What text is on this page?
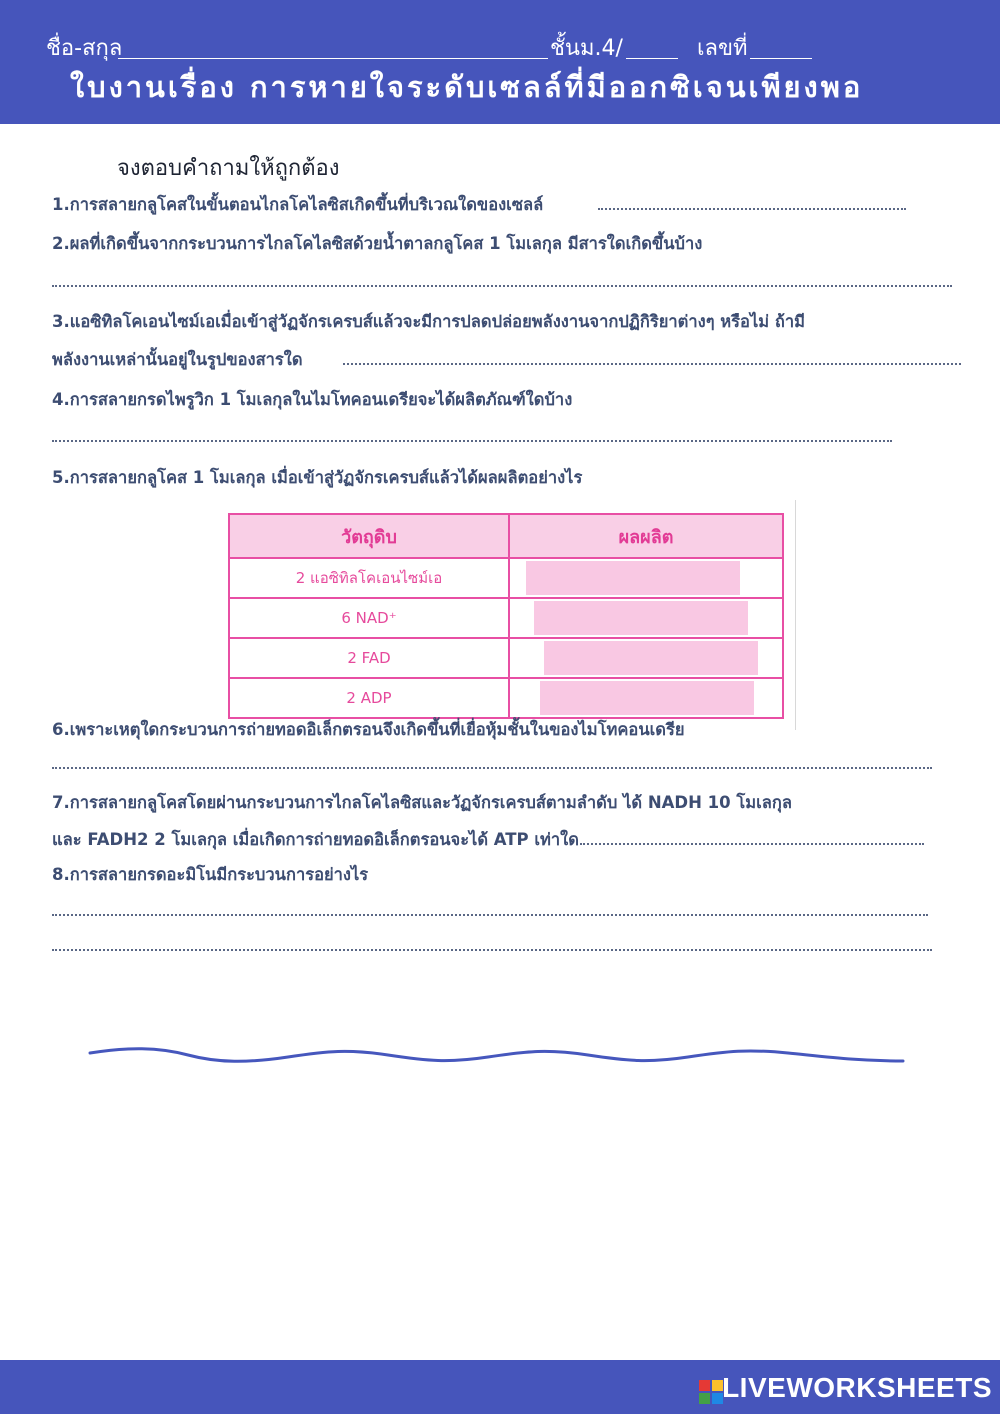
ชื่อ-สกุล	ชั้นม.4/	เลขที่
ใบงานเรื่อง การหายใจระดับเซลล์ที่มีออกซิเจนเพียงพอ
จงตอบคำถามให้ถูกต้อง
1.การสลายกลูโคสในขั้นตอนไกลโคไลซิสเกิดขึ้นที่บริเวณใดของเซลล์
2.ผลที่เกิดขึ้นจากกระบวนการไกลโคไลซิสด้วยน้ำตาลกลูโคส 1 โมเลกุล มีสารใดเกิดขึ้นบ้าง
3.แอซิทิลโคเอนไซม์เอเมื่อเข้าสู่วัฏจักรเครบส์แล้วจะมีการปลดปล่อยพลังงานจากปฏิกิริยาต่างๆ หรือไม่ ถ้ามี
พลังงานเหล่านั้นอยู่ในรูปของสารใด
4.การสลายกรดไพรูวิก 1 โมเลกุลในไมโทคอนเดรียจะได้ผลิตภัณฑ์ใดบ้าง
5.การสลายกลูโคส 1 โมเลกุล เมื่อเข้าสู่วัฏจักรเครบส์แล้วได้ผลผลิตอย่างไร
วัตถุดิบ	ผลผลิต
2 แอซิทิลโคเอนไซม์เอ	

6 NAD⁺	

2 FAD	

2 ADP	
6.เพราะเหตุใดกระบวนการถ่ายทอดอิเล็กตรอนจึงเกิดขึ้นที่เยื่อหุ้มชั้นในของไมโทคอนเดรีย
7.การสลายกลูโคสโดยผ่านกระบวนการไกลโคไลซิสและวัฏจักรเครบส์ตามลำดับ ได้ NADH 10 โมเลกุล
และ FADH2 2 โมเลกุล เมื่อเกิดการถ่ายทอดอิเล็กตรอนจะได้ ATP เท่าใด
8.การสลายกรดอะมิโนมีกระบวนการอย่างไร
LIVEWORKSHEETS
